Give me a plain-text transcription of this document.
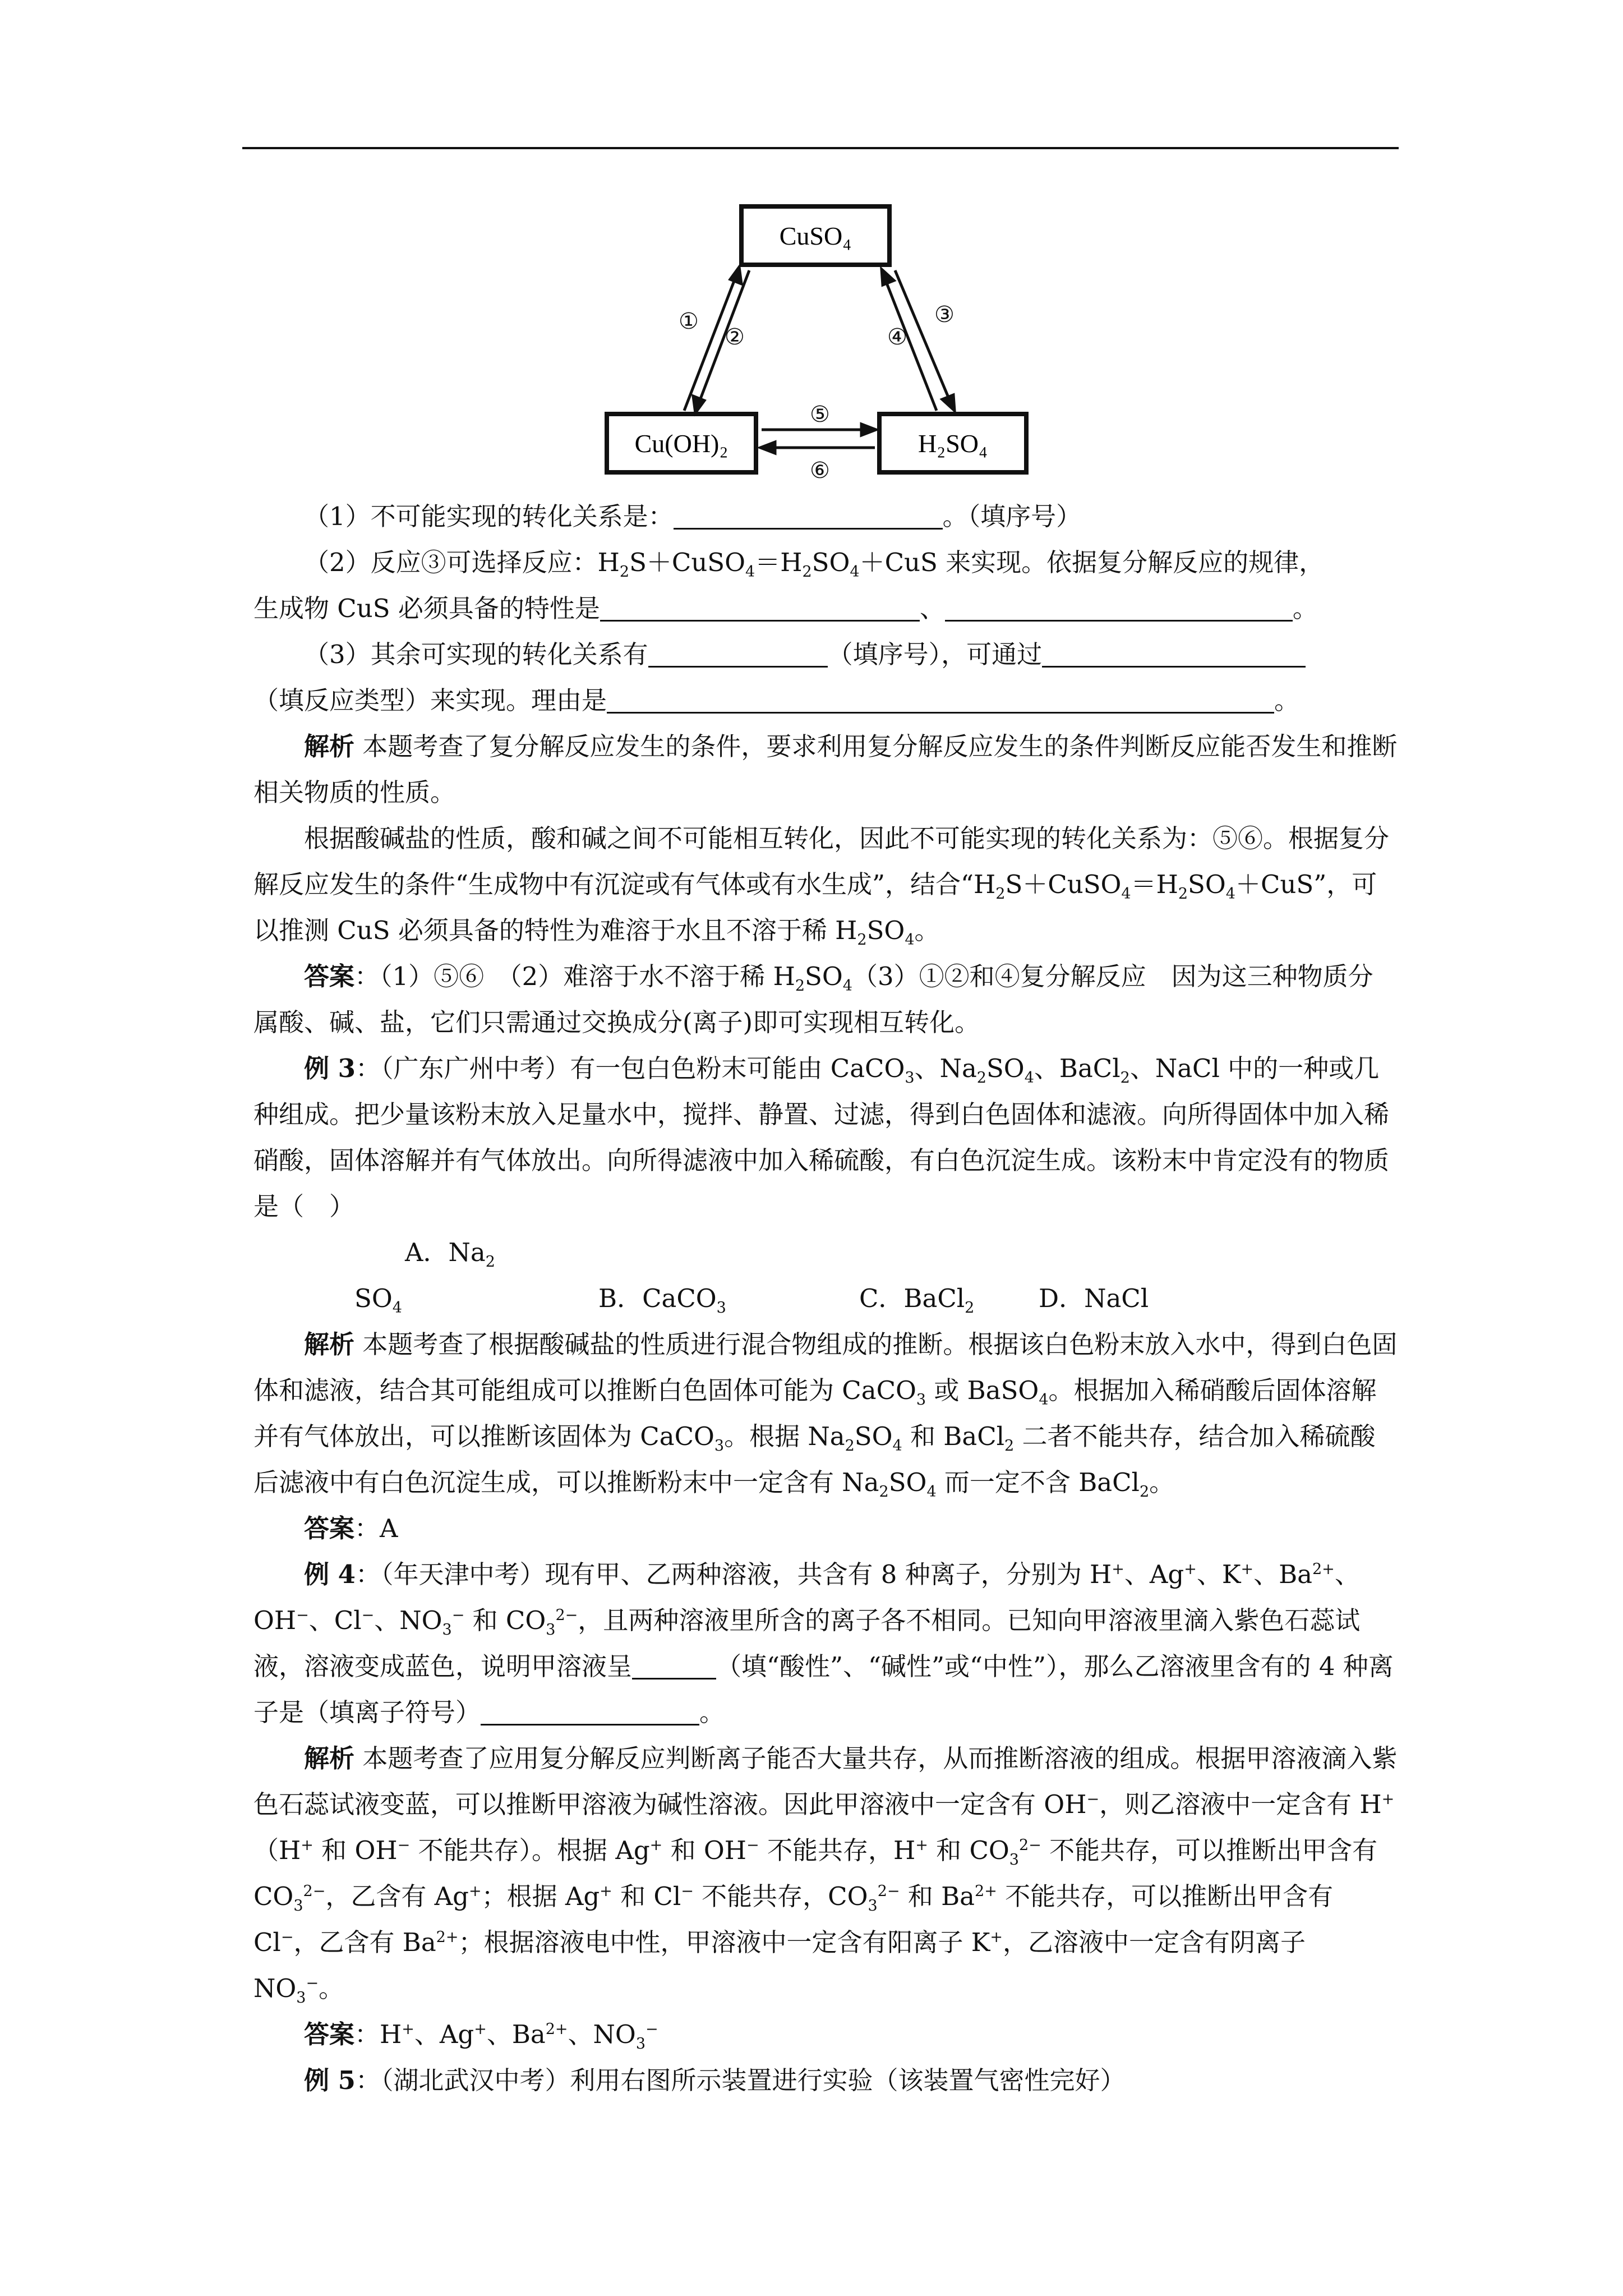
CuSO₄
Cu(OH)₂	H₂SO₄
①
②
③
④
⑤
⑥

（1）不可能实现的转化关系是：	。（填序号）

（2）反应③可选择反应：$H_2S+CuSO_4=H_2SO_4+CuS$ 来实现。依据复分解反应的规律，

生成物 CuS 必须具备的特性是	、	。

（3）其余可实现的转化关系有	（填序号），可通过

（填反应类型）来实现。理由是	。

解析 本题考查了复分解反应发生的条件，要求利用复分解反应发生的条件判断反应能否发生和推断相关物质的性质。

根据酸碱盐的性质，酸和碱之间不可能相互转化，因此不可能实现的转化关系为：⑤⑥。根据复分解反应发生的条件“生成物中有沉淀或有气体或有水生成”，结合“$H_2S+CuSO_4=H_2SO_4+CuS$”，可以推测 CuS 必须具备的特性为难溶于水且不溶于稀 $H_2SO_4$。

答案：（1）⑤⑥　（2）难溶于水不溶于稀 $H_2SO_4(3)①②$和④复分解反应　因为这三种物质分属酸、碱、盐，它们只需通过交换成分(离子)即可实现相互转化。

例 3：（广东广州中考）有一包白色粉末可能由 CaCO$_3$、$Na_2SO_4$、BaCl$_2$、NaCl 中的一种或几种组成。把少量该粉末放入足量水中，搅拌、静置、过滤，得到白色固体和滤液。向所得固体中加入稀硝酸，固体溶解并有气体放出。向所得滤液中加入稀硫酸，有白色沉淀生成。该粉末中肯定没有的物质是（　）

A．$Na_2SO_4$	B．CaCO$_3$	C．BaCl$_2$	D．NaCl

解析 本题考查了根据酸碱盐的性质进行混合物组成的推断。根据该白色粉末放入水中，得到白色固体和滤液，结合其可能组成可以推断白色固体可能为 CaCO$_3$ 或 BaSO$_4$。根据加入稀硝酸后固体溶解并有气体放出，可以推断该固体为 CaCO$_3$。根据 $Na_2SO_4$ 和 BaCl$_2$ 二者不能共存，结合加入稀硫酸后滤液中有白色沉淀生成，可以推断粉末中一定含有 $Na_2SO_4$ 而一定不含 BaCl$_2$。

答案：A

例 4：（年天津中考）现有甲、乙两种溶液，共含有 8 种离子，分别为 H+、Ag+、K+、$Ba^{2+}$、OH−、Cl−、$NO_3^-$ 和 $CO_3^{2-}$，且两种溶液里所含的离子各不相同。已知向甲溶液里滴入紫色石蕊试液，溶液变成蓝色，说明甲溶液呈	（填“酸性”、“碱性”或“中性”），那么乙溶液里含有的 4 种离子是（填离子符号）	。

解析 本题考查了应用复分解反应判断离子能否大量共存，从而推断溶液的组成。根据甲溶液滴入紫色石蕊试液变蓝，可以推断甲溶液为碱性溶液。因此甲溶液中一定含有 OH−，则乙溶液中一定含有 H+（H+ 和 OH− 不能共存）。根据 Ag+ 和 OH− 不能共存，H+ 和 $CO_3^{2-}$ 不能共存，可以推断出甲含有 $CO_3^{2-}$，乙含有 Ag+；根据 Ag+ 和 Cl− 不能共存，$CO_3^{2-}$ 和 $Ba^{2+}$ 不能共存，可以推断出甲含有 Cl−，乙含有 $Ba^{2+}$；根据溶液电中性，甲溶液中一定含有阳离子 K+，乙溶液中一定含有阴离子 $NO_3^-$。

答案：H+、Ag+、$Ba^{2+}$、$NO_3^-$

例 5：（湖北武汉中考）利用右图所示装置进行实验（该装置气密性完好）
